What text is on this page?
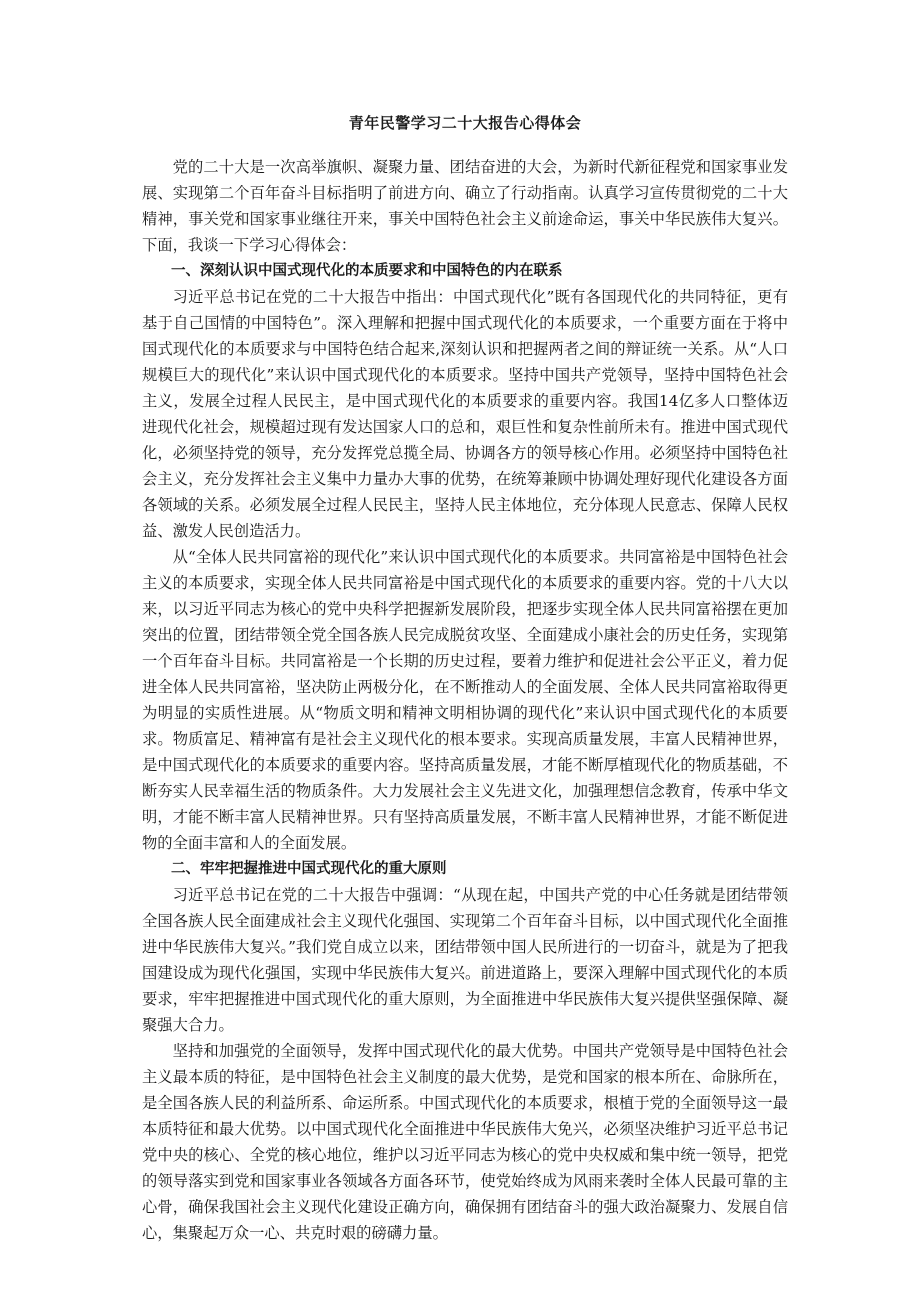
青年民警学习二十大报告心得体会

党的二十大是一次高举旗帜、凝聚力量、团结奋进的大会，为新时代新征程党和国家事业发展、实现第二个百年奋斗目标指明了前进方向、确立了行动指南。认真学习宣传贯彻党的二十大精神，事关党和国家事业继往开来，事关中国特色社会主义前途命运，事关中华民族伟大复兴。下面，我谈一下学习心得体会：

一、深刻认识中国式现代化的本质要求和中国特色的内在联系

习近平总书记在党的二十大报告中指出：中国式现代化”既有各国现代化的共同特征，更有基于自己国情的中国特色”。深入理解和把握中国式现代化的本质要求，一个重要方面在于将中国式现代化的本质要求与中国特色结合起来,深刻认识和把握两者之间的辩证统一关系。从“人口规模巨大的现代化”来认识中国式现代化的本质要求。坚持中国共产党领导，坚持中国特色社会主义，发展全过程人民民主，是中国式现代化的本质要求的重要内容。我国14亿多人口整体迈进现代化社会，规模超过现有发达国家人口的总和，艰巨性和复杂性前所未有。推进中国式现代化，必须坚持党的领导，充分发挥党总揽全局、协调各方的领导核心作用。必须坚持中国特色社会主义，充分发挥社会主义集中力量办大事的优势，在统筹兼顾中协调处理好现代化建设各方面各领域的关系。必须发展全过程人民民主，坚持人民主体地位，充分体现人民意志、保障人民权益、激发人民创造活力。

从“全体人民共同富裕的现代化”来认识中国式现代化的本质要求。共同富裕是中国特色社会主义的本质要求，实现全体人民共同富裕是中国式现代化的本质要求的重要内容。党的十八大以来，以习近平同志为核心的党中央科学把握新发展阶段，把逐步实现全体人民共同富裕摆在更加突出的位置，团结带领全党全国各族人民完成脱贫攻坚、全面建成小康社会的历史任务，实现第一个百年奋斗目标。共同富裕是一个长期的历史过程，要着力维护和促进社会公平正义，着力促进全体人民共同富裕，坚决防止两极分化，在不断推动人的全面发展、全体人民共同富裕取得更为明显的实质性进展。从“物质文明和精神文明相协调的现代化”来认识中国式现代化的本质要求。物质富足、精神富有是社会主义现代化的根本要求。实现高质量发展，丰富人民精神世界，是中国式现代化的本质要求的重要内容。坚持高质量发展，才能不断厚植现代化的物质基础，不断夯实人民幸福生活的物质条件。大力发展社会主义先进文化，加强理想信念教育，传承中华文明，才能不断丰富人民精神世界。只有坚持高质量发展，不断丰富人民精神世界，才能不断促进物的全面丰富和人的全面发展。

二、牢牢把握推进中国式现代化的重大原则

习近平总书记在党的二十大报告中强调：“从现在起，中国共产党的中心任务就是团结带领全国各族人民全面建成社会主义现代化强国、实现第二个百年奋斗目标，以中国式现代化全面推进中华民族伟大复兴。”我们党自成立以来，团结带领中国人民所进行的一切奋斗，就是为了把我国建设成为现代化强国，实现中华民族伟大复兴。前进道路上，要深入理解中国式现代化的本质要求，牢牢把握推进中国式现代化的重大原则，为全面推进中华民族伟大复兴提供坚强保障、凝聚强大合力。

坚持和加强党的全面领导，发挥中国式现代化的最大优势。中国共产党领导是中国特色社会主义最本质的特征，是中国特色社会主义制度的最大优势，是党和国家的根本所在、命脉所在，是全国各族人民的利益所系、命运所系。中国式现代化的本质要求，根植于党的全面领导这一最本质特征和最大优势。以中国式现代化全面推进中华民族伟大免兴，必须坚决维护习近平总书记党中央的核心、全党的核心地位，维护以习近平同志为核心的党中央权威和集中统一领导，把党的领导落实到党和国家事业各领域各方面各环节，使党始终成为风雨来袭时全体人民最可靠的主心骨，确保我国社会主义现代化建设正确方向，确保拥有团结奋斗的强大政治凝聚力、发展自信心，集聚起万众一心、共克时艰的磅礴力量。
